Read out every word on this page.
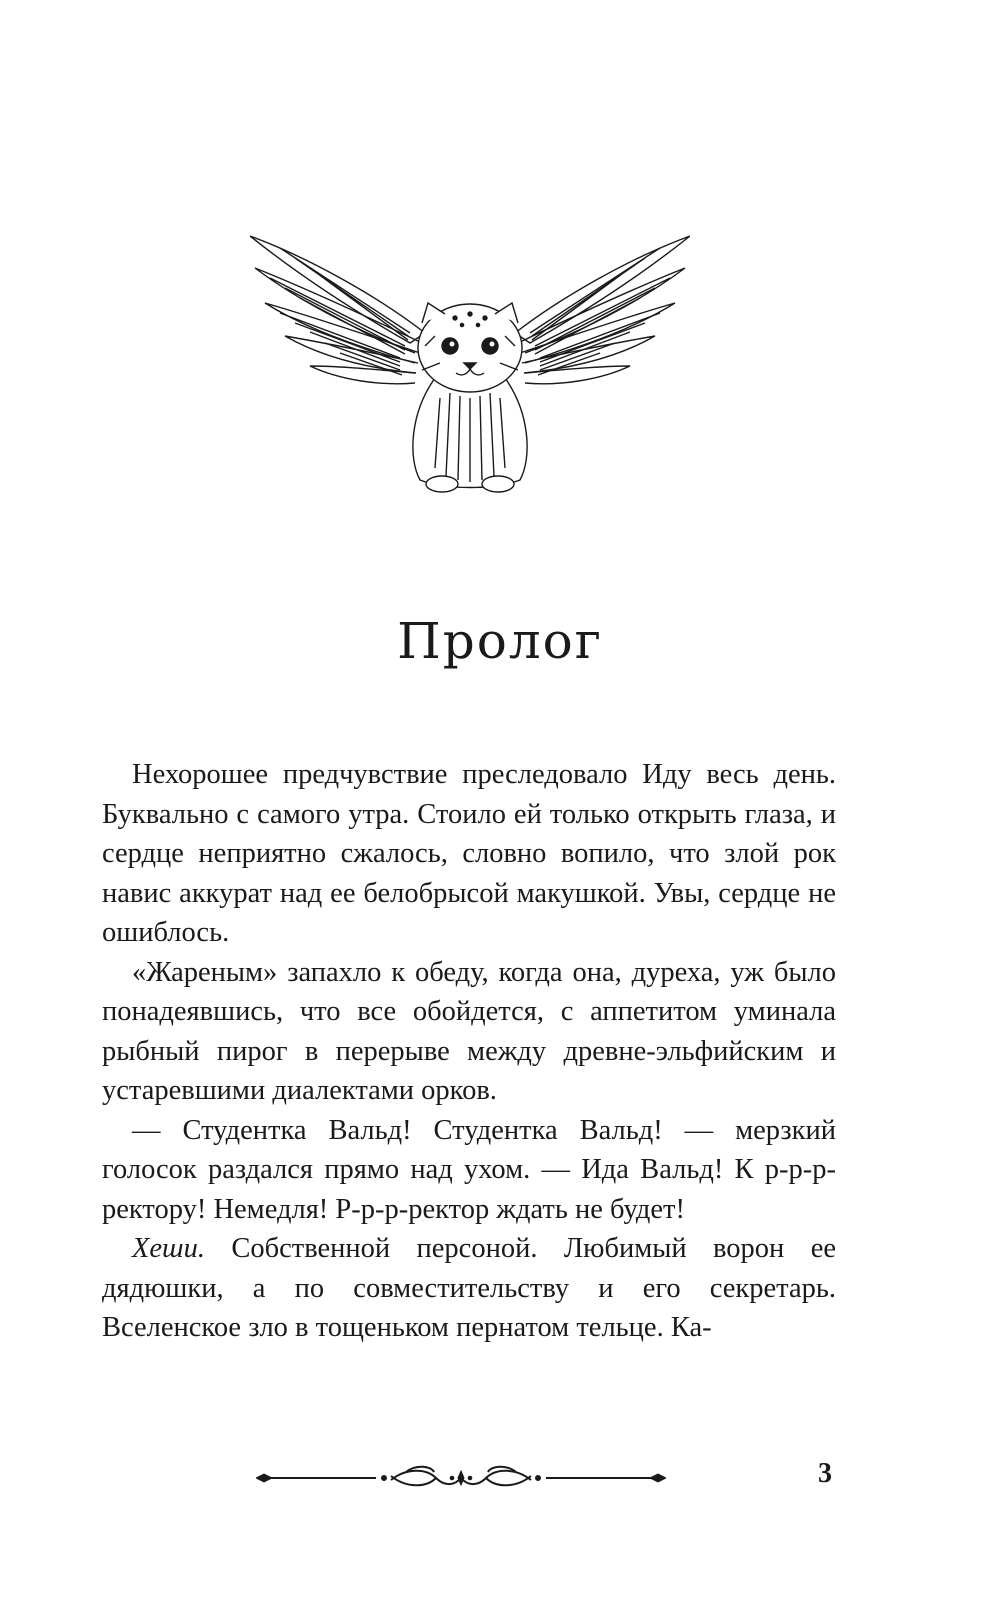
Пролог

Нехорошее предчувствие преследовало Иду весь день. Буквально с самого утра. Стоило ей только открыть глаза, и сердце неприятно сжалось, словно вопило, что злой рок навис аккурат над ее белобрысой макушкой. Увы, сердце не ошиблось.

«Жареным» запахло к обеду, когда она, дуреха, уж было понадеявшись, что все обойдется, с аппетитом уминала рыбный пирог в перерыве между древне-эльфийским и устаревшими диалектами орков.

— Студентка Вальд! Студентка Вальд! — мерзкий голосок раздался прямо над ухом. — Ида Вальд! К р-р-р-ректору! Немедля! Р-р-р-ректор ждать не будет!

Хеши. Собственной персоной. Любимый ворон ее дядюшки, а по совместительству и его секретарь. Вселенское зло в тощеньком пернатом тельце. Ка-

3
